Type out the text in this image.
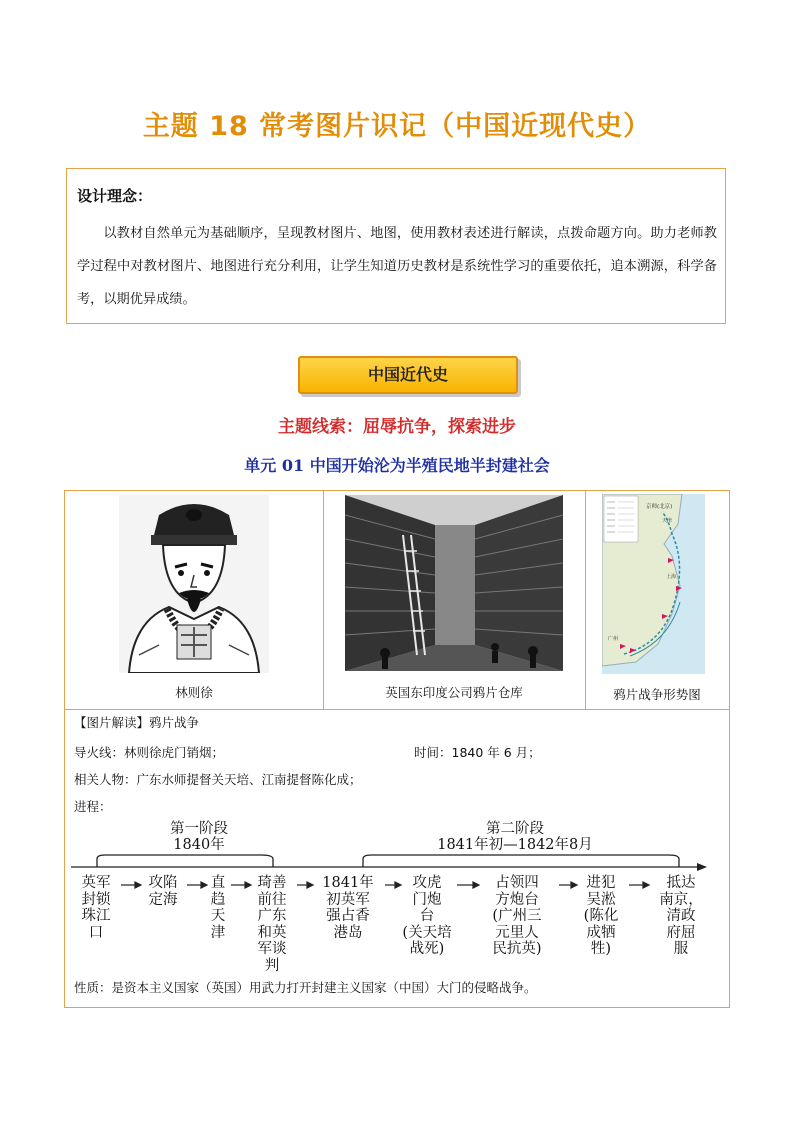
主题 18 常考图片识记（中国近现代史）
设计理念：
以教材自然单元为基础顺序，呈现教材图片、地图，使用教材表述进行解读，点拨命题方向。助力老师教学过程中对教材图片、地图进行充分利用，让学生知道历史教材是系统性学习的重要依托，追本溯源，科学备考，以期优异成绩。
中国近代史
主题线索：屈辱抗争，探索进步
单元 01 中国开始沦为半殖民地半封建社会
林则徐	英国东印度公司鸦片仓库
京师(北京)
天津
上海
广州
鸦片战争形势图
【图片解读】鸦片战争
导火线：林则徐虎门销烟；	时间：1840 年 6 月；
相关人物：广东水师提督关天培、江南提督陈化成；
进程：
第一阶段
1840年
第二阶段
1841年初—1842年8月
英军
封锁
珠江
口
攻陷
定海
直
趋
天
津
琦善
前往
广东
和英
军谈
判
1841年
初英军
强占香
港岛
攻虎
门炮
台
(关天培
战死)
占领四
方炮台
(广州三
元里人
民抗英)
进犯
吴淞
(陈化
成牺
牲)
抵达
南京，
清政
府屈
服
性质：是资本主义国家（英国）用武力打开封建主义国家（中国）大门的侵略战争。
